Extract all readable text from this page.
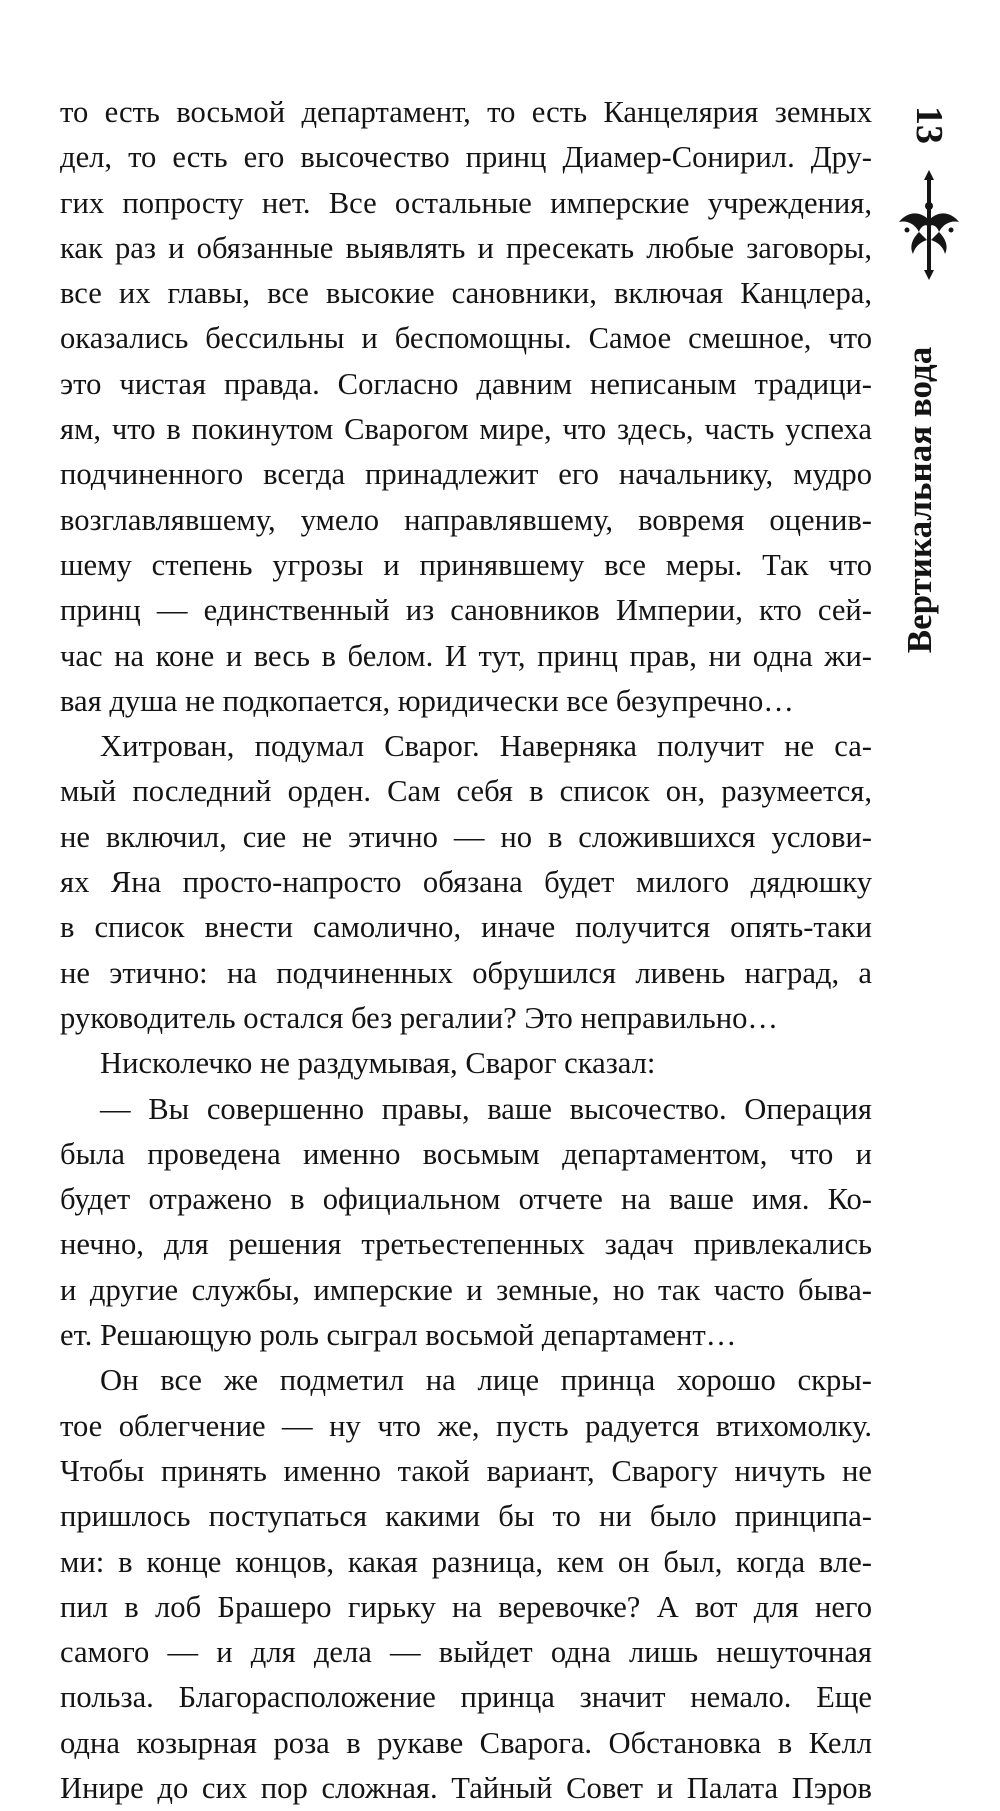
13
Вертикальная вода
то есть восьмой департамент, то есть Канцелярия земных
дел, то есть его высочество принц Диамер-Сонирил. Дру-
гих попросту нет. Все остальные имперские учреждения,
как раз и обязанные выявлять и пресекать любые заговоры,
все их главы, все высокие сановники, включая Канцлера,
оказались бессильны и беспомощны. Самое смешное, что
это чистая правда. Согласно давним неписаным традици-
ям, что в покинутом Сварогом мире, что здесь, часть успеха
подчиненного всегда принадлежит его начальнику, мудро
возглавлявшему, умело направлявшему, вовремя оценив-
шему степень угрозы и принявшему все меры. Так что
принц — единственный из сановников Империи, кто сей-
час на коне и весь в белом. И тут, принц прав, ни одна жи-
вая душа не подкопается, юридически все безупречно…
Хитрован, подумал Сварог. Наверняка получит не са-
мый последний орден. Сам себя в список он, разумеется,
не включил, сие не этично — но в сложившихся услови-
ях Яна просто-напросто обязана будет милого дядюшку
в список внести самолично, иначе получится опять-таки
не этично: на подчиненных обрушился ливень наград, а
руководитель остался без регалии? Это неправильно…
Нисколечко не раздумывая, Сварог сказал:
— Вы совершенно правы, ваше высочество. Операция
была проведена именно восьмым департаментом, что и
будет отражено в официальном отчете на ваше имя. Ко-
нечно, для решения третьестепенных задач привлекались
и другие службы, имперские и земные, но так часто быва-
ет. Решающую роль сыграл восьмой департамент…
Он все же подметил на лице принца хорошо скры-
тое облегчение — ну что же, пусть радуется втихомолку.
Чтобы принять именно такой вариант, Сварогу ничуть не
пришлось поступаться какими бы то ни было принципа-
ми: в конце концов, какая разница, кем он был, когда вле-
пил в лоб Брашеро гирьку на веревочке? А вот для него
самого — и для дела — выйдет одна лишь нешуточная
польза. Благорасположение принца значит немало. Еще
одна козырная роза в рукаве Сварога. Обстановка в Келл
Инире до сих пор сложная. Тайный Совет и Палата Пэров
